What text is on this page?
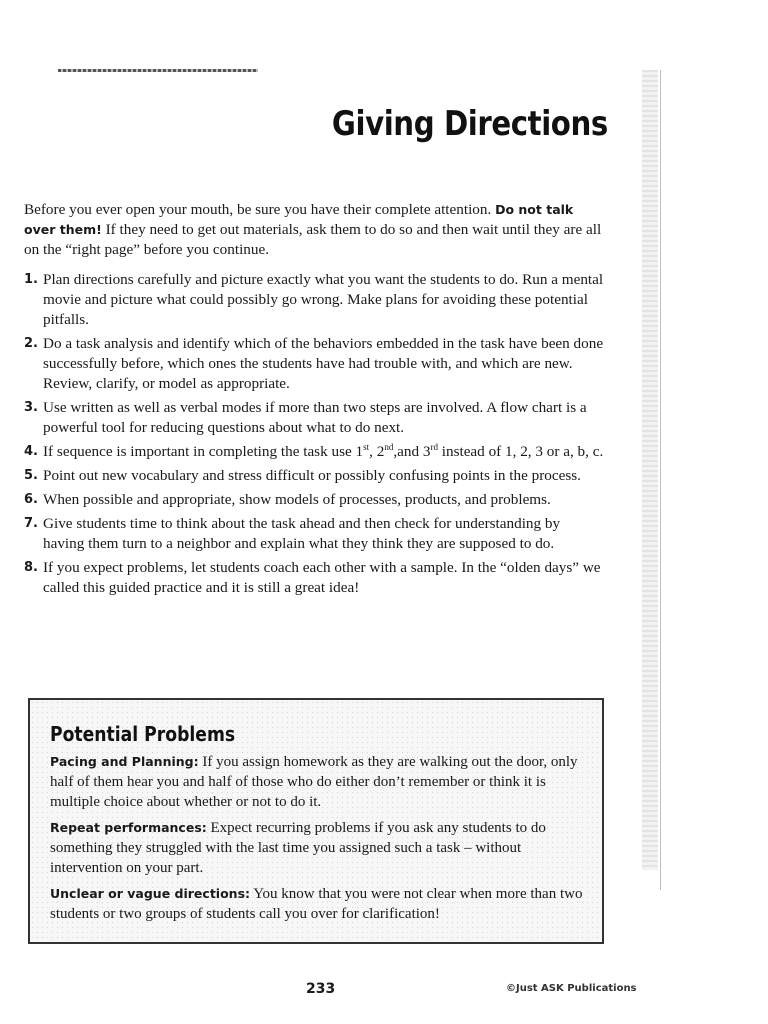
Giving Directions

Before you ever open your mouth, be sure you have their complete attention. Do not talk over them! If they need to get out materials, ask them to do so and then wait until they are all on the “right page” before you continue.

1. Plan directions carefully and picture exactly what you want the students to do. Run a mental movie and picture what could possibly go wrong. Make plans for avoiding these potential pitfalls.
2. Do a task analysis and identify which of the behaviors embedded in the task have been done successfully before, which ones the students have had trouble with, and which are new. Review, clarify, or model as appropriate.
3. Use written as well as verbal modes if more than two steps are involved. A flow chart is a powerful tool for reducing questions about what to do next.
4. If sequence is important in completing the task use 1st, 2nd,and 3rd instead of 1, 2, 3 or a, b, c.
5. Point out new vocabulary and stress difficult or possibly confusing points in the process.
6. When possible and appropriate, show models of processes, products, and problems.
7. Give students time to think about the task ahead and then check for understanding by having them turn to a neighbor and explain what they think they are supposed to do.
8. If you expect problems, let students coach each other with a sample. In the “olden days” we called this guided practice and it is still a great idea!
Potential Problems
Pacing and Planning: If you assign homework as they are walking out the door, only half of them hear you and half of those who do either don’t remember or think it is multiple choice about whether or not to do it.
Repeat performances: Expect recurring problems if you ask any students to do something they struggled with the last time you assigned such a task – without intervention on your part.
Unclear or vague directions: You know that you were not clear when more than two students or two groups of students call you over for clarification!
233	©Just ASK Publications
